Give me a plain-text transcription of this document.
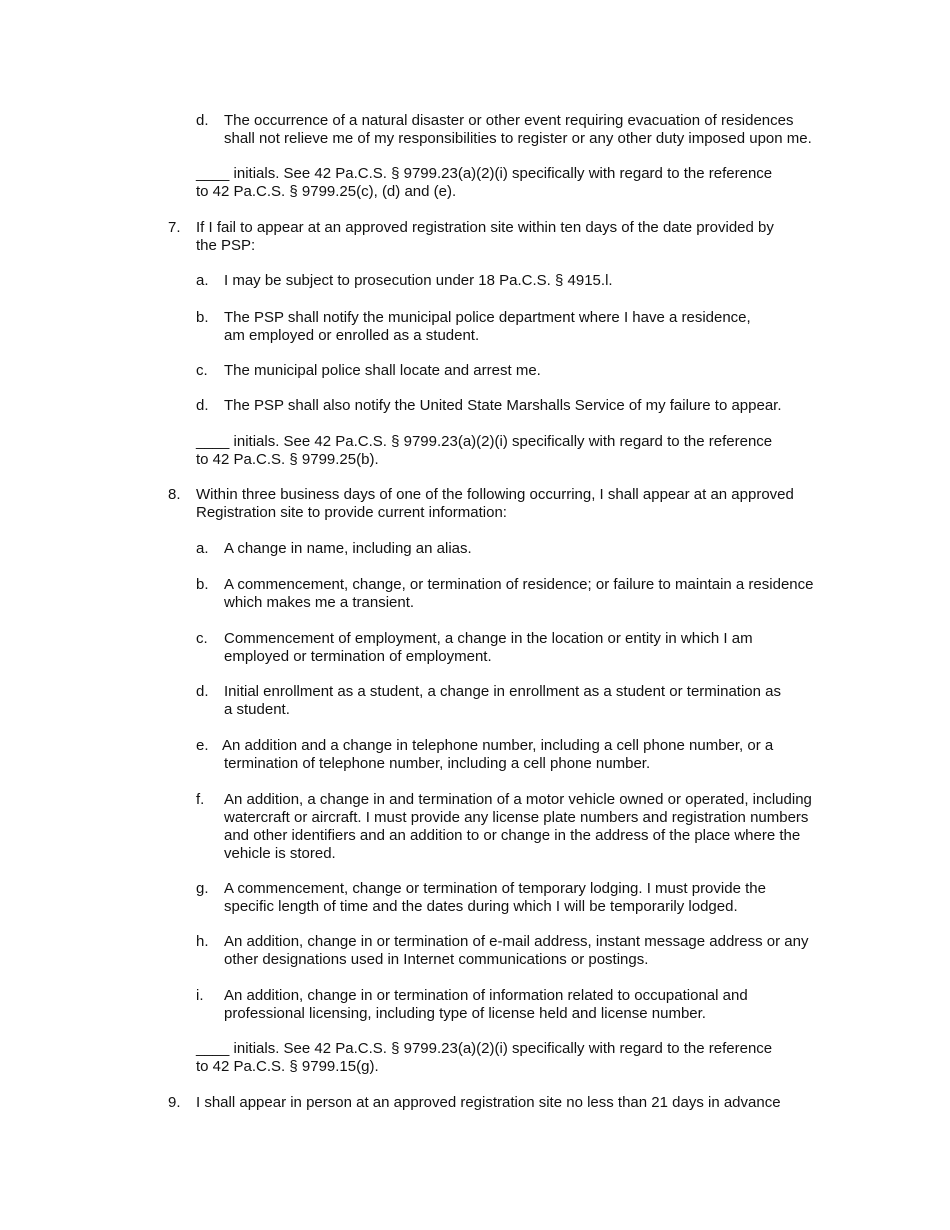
d. The occurrence of a natural disaster or other event requiring evacuation of residences
shall not relieve me of my responsibilities to register or any other duty imposed upon me.
____ initials. See 42 Pa.C.S. § 9799.23(a)(2)(i) specifically with regard to the reference
to 42 Pa.C.S. § 9799.25(c), (d) and (e).
7. If I fail to appear at an approved registration site within ten days of the date provided by
the PSP:
a. I may be subject to prosecution under 18 Pa.C.S. § 4915.l.
b. The PSP shall notify the municipal police department where I have a residence,
am employed or enrolled as a student.
c. The municipal police shall locate and arrest me.
d. The PSP shall also notify the United State Marshalls Service of my failure to appear.
____ initials. See 42 Pa.C.S. § 9799.23(a)(2)(i) specifically with regard to the reference
to 42 Pa.C.S. § 9799.25(b).
8. Within three business days of one of the following occurring, I shall appear at an approved
Registration site to provide current information:
a. A change in name, including an alias.
b. A commencement, change, or termination of residence; or failure to maintain a residence
which makes me a transient.
c. Commencement of employment, a change in the location or entity in which I am
employed or termination of employment.
d. Initial enrollment as a student, a change in enrollment as a student or termination as
a student.
e. An addition and a change in telephone number, including a cell phone number, or a
termination of telephone number, including a cell phone number.
f. An addition, a change in and termination of a motor vehicle owned or operated, including
watercraft or aircraft. I must provide any license plate numbers and registration numbers
and other identifiers and an addition to or change in the address of the place where the
vehicle is stored.
g. A commencement, change or termination of temporary lodging. I must provide the
specific length of time and the dates during which I will be temporarily lodged.
h. An addition, change in or termination of e-mail address, instant message address or any
other designations used in Internet communications or postings.
i. An addition, change in or termination of information related to occupational and
professional licensing, including type of license held and license number.
____ initials. See 42 Pa.C.S. § 9799.23(a)(2)(i) specifically with regard to the reference
to 42 Pa.C.S. § 9799.15(g).
9. I shall appear in person at an approved registration site no less than 21 days in advance
